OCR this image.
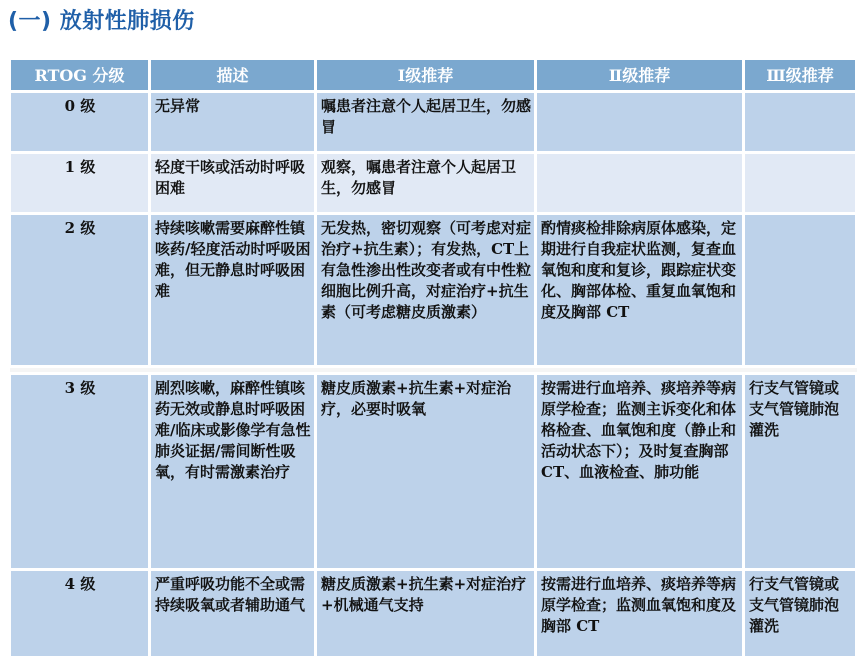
(一) 放射性肺损伤
RTOG 分级	描述	Ⅰ级推荐	Ⅱ级推荐	Ⅲ级推荐
0 级	无异常	嘱患者注意个人起居卫生，勿感冒		
1 级	轻度干咳或活动时呼吸困难	观察，嘱患者注意个人起居卫生，勿感冒		
2 级	持续咳嗽需要麻醉性镇咳药/轻度活动时呼吸困难，但无静息时呼吸困难	无发热，密切观察（可考虑对症治疗+抗生素）；有发热，CT上有急性渗出性改变者或有中性粒细胞比例升高，对症治疗+抗生素（可考虑糖皮质激素）	酌情痰检排除病原体感染，定期进行自我症状监测，复查血氧饱和度和复诊，跟踪症状变化、胸部体检、重复血氧饱和度及胸部 CT	

3 级	剧烈咳嗽，麻醉性镇咳药无效或静息时呼吸困难/临床或影像学有急性肺炎证据/需间断性吸氧，有时需激素治疗	糖皮质激素+抗生素+对症治疗，必要时吸氧	按需进行血培养、痰培养等病原学检查；监测主诉变化和体格检查、血氧饱和度（静止和活动状态下）；及时复查胸部 CT、血液检查、肺功能	行支气管镜或支气管镜肺泡灌洗
4 级	严重呼吸功能不全或需持续吸氧或者辅助通气	糖皮质激素+抗生素+对症治疗+机械通气支持	按需进行血培养、痰培养等病原学检查；监测血氧饱和度及胸部 CT	行支气管镜或支气管镜肺泡灌洗
